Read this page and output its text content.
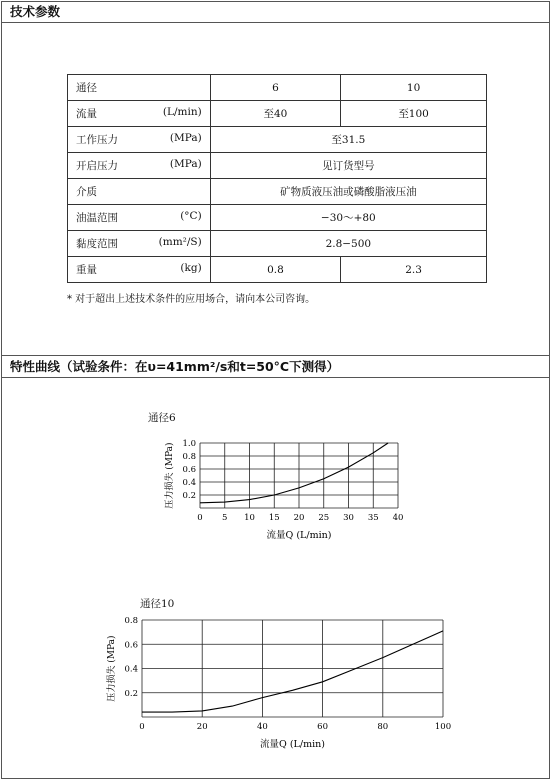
技术参数
通径	6	10

流量 (L/min)	至40	至100

工作压力 (MPa)	至31.5	

开启压力 (MPa)	见订货型号	

介质	矿物质液压油或磷酸脂液压油	

油温范围 (°C)	−30～+80	

黏度范围 (mm²/S)	2.8−500	

重量 (kg)	0.8	2.3
* 对于超出上述技术条件的应用场合，请向本公司咨询。
特性曲线（试验条件：在υ=41mm²/s和t=50°C下测得）
通径6
0 5 10 15 20 25 30 35 40
0.2
0.4
0.6
0.8
1.0
流量Q (L/min)
压力损失 (MPa)
通径10
0	20	40	60	80	100
0.2
0.4
0.6
0.8
流量Q (L/min)
压力损失 (MPa)
